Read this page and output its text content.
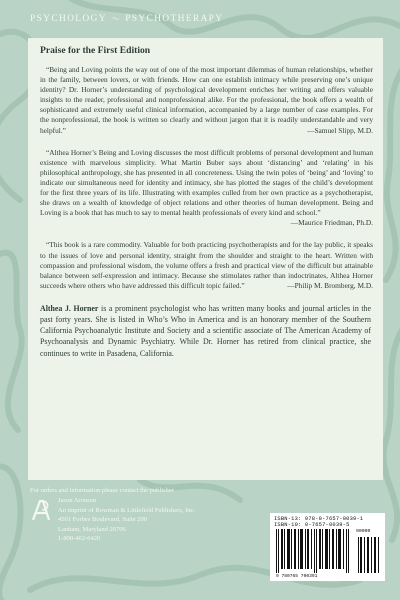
PSYCHOLOGY 〜 PSYCHOTHERAPY
Praise for the First Edition
“Being and Loving points the way out of one of the most important dilemmas of human relationships, whether in the family, between lovers, or with friends. How can one establish intimacy while preserving one’s unique identity? Dr. Horner’s understanding of psychological development enriches her writing and offers valuable insights to the reader, professional and nonprofessional alike. For the professional, the book offers a wealth of sophisticated and extremely useful clinical information, accompanied by a large number of case examples. For the nonprofessional, the book is written so clearly and without jargon that it is readily understandable and very helpful.”	—Samuel Slipp, M.D.
“Althea Horner’s Being and Loving discusses the most difficult problems of personal development and human existence with marvelous simplicity. What Martin Buber says about ‘distancing’ and ‘relating’ in his philosophical anthropology, she has presented in all concreteness. Using the twin poles of ‘being’ and ‘loving’ to indicate our simultaneous need for identity and intimacy, she has plotted the stages of the child’s development for the first three years of its life. Illustrating with examples culled from her own practice as a psychotherapist, she draws on a wealth of knowledge of object relations and other theories of human development. Being and Loving is a book that has much to say to mental health professionals of every kind and school.”
—Maurice Friedman, Ph.D.
“This book is a rare commodity. Valuable for both practicing psychotherapists and for the lay public, it speaks to the issues of love and personal identity, straight from the shoulder and straight to the heart. Written with compassion and professional wisdom, the volume offers a fresh and practical view of the difficult but attainable balance between self-expression and intimacy. Because she stimulates rather than indoctrinates, Althea Horner succeeds where others who have addressed this difficult topic failed.”	—Philip M. Bromberg, M.D.
Althea J. Horner is a prominent psychologist who has written many books and journal articles in the past forty years. She is listed in Who’s Who in America and is an honorary member of the Southern California Psychoanalytic Institute and Society and a scientific associate of The American Academy of Psychoanalysis and Dynamic Psychiatry. While Dr. Horner has retired from clinical practice, she continues to write in Pasadena, California.
For orders and information please contact the publisher
Jason Aronson
An imprint of Rowman & Littlefield Publishers, Inc.
4501 Forbes Boulevard, Suite 200
Lanham, Maryland 20706
1-800-462-6420
ISBN-13: 978-0-7657-0039-1
ISBN-10: 0-7657-0039-5
90000
9 780765 700391
